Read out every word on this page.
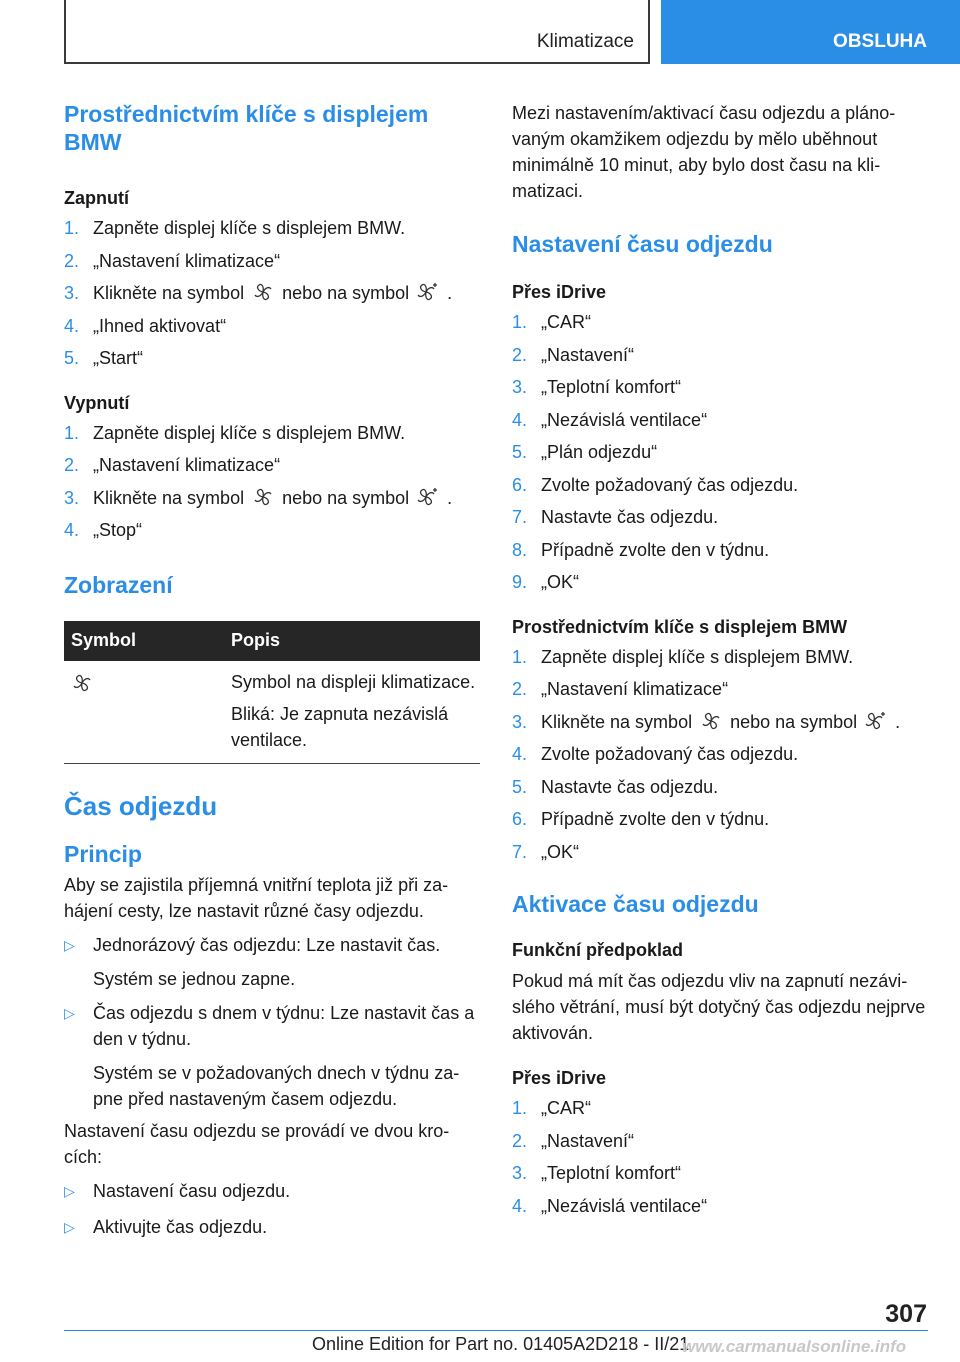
Klimatizace	OBSLUHA
Prostřednictvím klíče s displejem BMW
Zapnutí
1. Zapněte displej klíče s displejem BMW.
2. „Nastavení klimatizace“
3. Klikněte na symbol nebo na symbol .
4. „Ihned aktivovat“
5. „Start“
Vypnutí
1. Zapněte displej klíče s displejem BMW.
2. „Nastavení klimatizace“
3. Klikněte na symbol nebo na symbol .
4. „Stop“
Zobrazení
Symbol	Popis

Symbol na displeji klimatizace.

Bliká: Je zapnuta nezávislá ventilace.

Čas odjezdu
Princip

Aby se zajistila příjemná vnitřní teplota již při zahájení cesty, lze nastavit různé časy odjezdu.

▷ Jednorázový čas odjezdu: Lze nastavit čas.
Systém se jednou zapne.
▷ Čas odjezdu s dnem v týdnu: Lze nastavit čas a den v týdnu.
Systém se v požadovaných dnech v týdnu zapne před nastaveným časem odjezdu.

Nastavení času odjezdu se provádí ve dvou krocích:

▷ Nastavení času odjezdu.
▷ Aktivujte čas odjezdu.

Mezi nastavením/aktivací času odjezdu a plánovaným okamžikem odjezdu by mělo uběhnout minimálně 10 minut, aby bylo dost času na klimatizaci.

Nastavení času odjezdu
Přes iDrive
1. „CAR“
2. „Nastavení“
3. „Teplotní komfort“
4. „Nezávislá ventilace“
5. „Plán odjezdu“
6. Zvolte požadovaný čas odjezdu.
7. Nastavte čas odjezdu.
8. Případně zvolte den v týdnu.
9. „OK“
Prostřednictvím klíče s displejem BMW
1. Zapněte displej klíče s displejem BMW.
2. „Nastavení klimatizace“
3. Klikněte na symbol nebo na symbol .
4. Zvolte požadovaný čas odjezdu.
5. Nastavte čas odjezdu.
6. Případně zvolte den v týdnu.
7. „OK“
Aktivace času odjezdu
Funkční předpoklad

Pokud má mít čas odjezdu vliv na zapnutí nezávislého větrání, musí být dotyčný čas odjezdu nejprve aktivován.

Přes iDrive
1. „CAR“
2. „Nastavení“
3. „Teplotní komfort“
4. „Nezávislá ventilace“
307
Online Edition for Part no. 01405A2D218 - II/21
www.carmanualsonline.info
